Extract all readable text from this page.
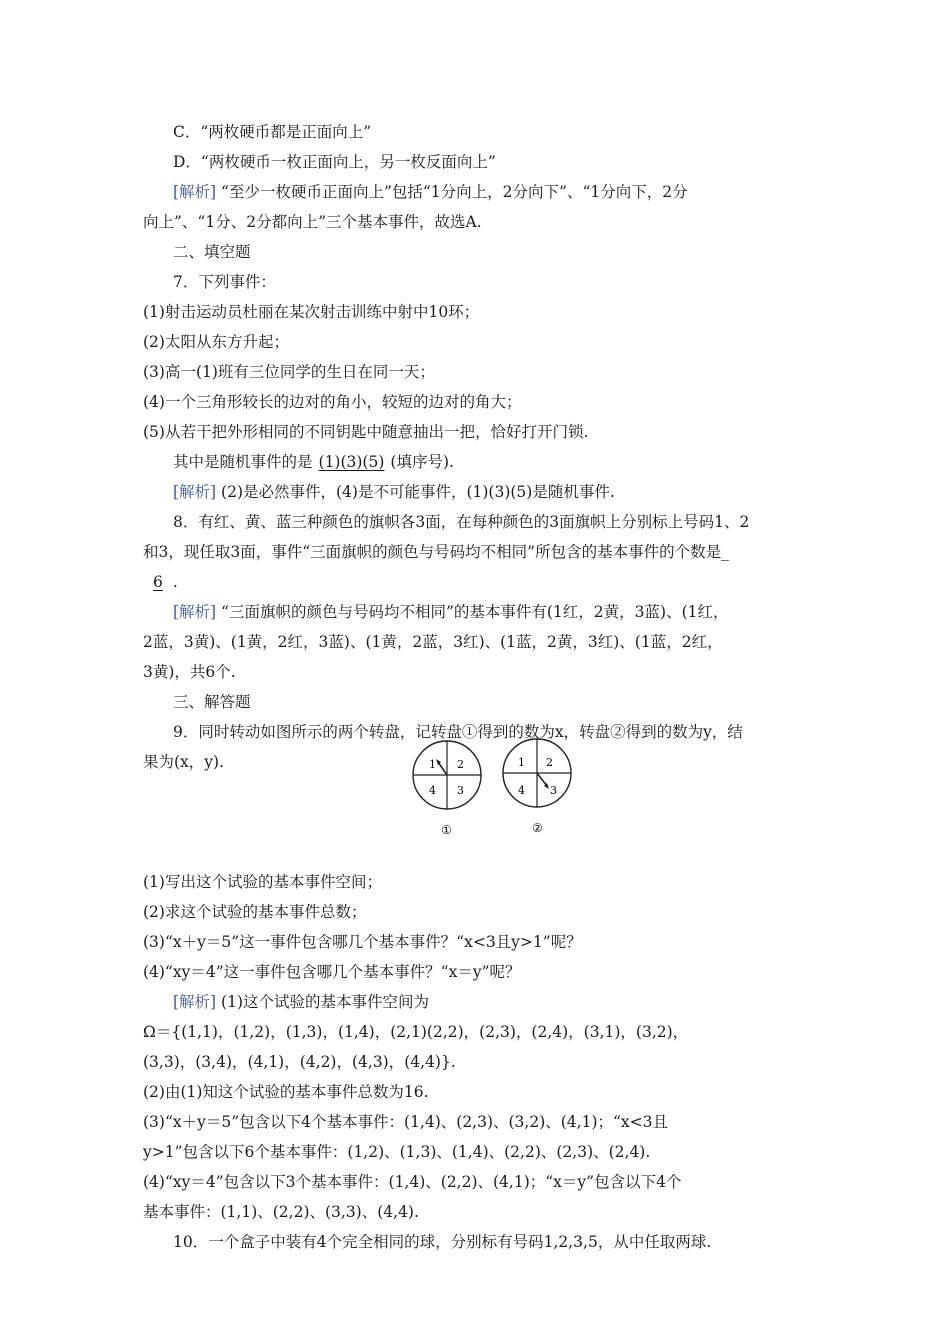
C．“两枚硬币都是正面向上”
D．“两枚硬币一枚正面向上，另一枚反面向上”
[解析] “至少一枚硬币正面向上”包括“1分向上，2分向下”、“1分向下，2分
向上”、“1分、2分都向上”三个基本事件，故选A.
二、填空题
7．下列事件：
(1)射击运动员杜丽在某次射击训练中射中10环；
(2)太阳从东方升起；
(3)高一(1)班有三位同学的生日在同一天；
(4)一个三角形较长的边对的角小，较短的边对的角大；
(5)从若干把外形相同的不同钥匙中随意抽出一把，恰好打开门锁.
其中是随机事件的是 (1)(3)(5) (填序号).
[解析] (2)是必然事件，(4)是不可能事件，(1)(3)(5)是随机事件.
8．有红、黄、蓝三种颜色的旗帜各3面，在每种颜色的3面旗帜上分别标上号码1、2
和3，现任取3面，事件“三面旗帜的颜色与号码均不相同”所包含的基本事件的个数是_
6 .
[解析] “三面旗帜的颜色与号码均不相同”的基本事件有(1红，2黄，3蓝)、(1红，
2蓝，3黄)、(1黄，2红，3蓝)、(1黄，2蓝，3红)、(1蓝，2黄，3红)、(1蓝，2红，
3黄)，共6个.
三、解答题
9．同时转动如图所示的两个转盘，记转盘①得到的数为x，转盘②得到的数为y，结
果为(x，y).
(1)写出这个试验的基本事件空间；
(2)求这个试验的基本事件总数；
(3)“x＋y＝5”这一事件包含哪几个基本事件？“x<3且y>1”呢？
(4)“xy＝4”这一事件包含哪几个基本事件？“x＝y”呢？
[解析] (1)这个试验的基本事件空间为
Ω＝{(1,1)，(1,2)，(1,3)，(1,4)，(2,1)(2,2)，(2,3)，(2,4)，(3,1)，(3,2)，
(3,3)，(3,4)，(4,1)，(4,2)，(4,3)，(4,4)}.
(2)由(1)知这个试验的基本事件总数为16.
(3)“x＋y＝5”包含以下4个基本事件：(1,4)、(2,3)、(3,2)、(4,1)；“x<3且
y>1”包含以下6个基本事件：(1,2)、(1,3)、(1,4)、(2,2)、(2,3)、(2,4).
(4)“xy＝4”包含以下3个基本事件：(1,4)、(2,2)、(4,1)；“x＝y”包含以下4个
基本事件：(1,1)、(2,2)、(3,3)、(4,4).
10．一个盒子中装有4个完全相同的球，分别标有号码1,2,3,5，从中任取两球.
1 2
3
4
①
1 2
3
4
②
